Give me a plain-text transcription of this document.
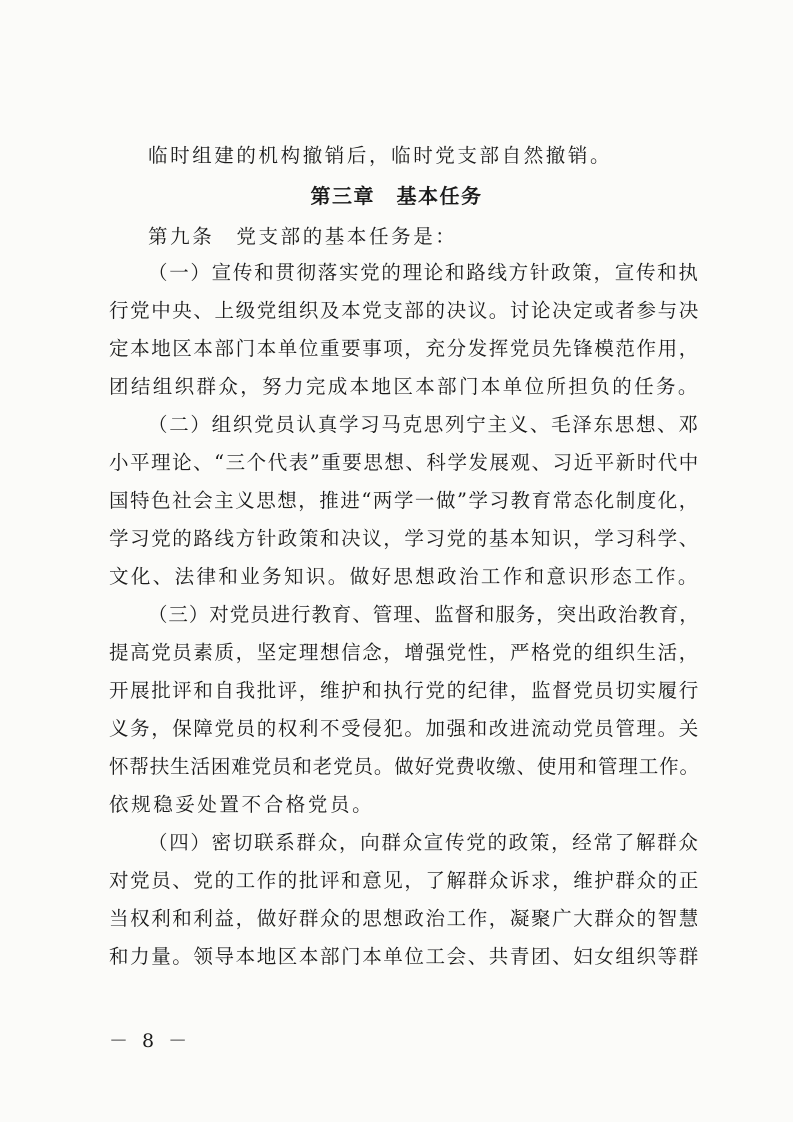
临时组建的机构撤销后，临时党支部自然撤销。
第三章　基本任务
第九条　党支部的基本任务是：
（一）宣传和贯彻落实党的理论和路线方针政策，宣传和执
行党中央、上级党组织及本党支部的决议。讨论决定或者参与决
定本地区本部门本单位重要事项，充分发挥党员先锋模范作用，
团结组织群众，努力完成本地区本部门本单位所担负的任务。
（二）组织党员认真学习马克思列宁主义、毛泽东思想、邓
小平理论、“三个代表”重要思想、科学发展观、习近平新时代中
国特色社会主义思想，推进“两学一做”学习教育常态化制度化，
学习党的路线方针政策和决议，学习党的基本知识，学习科学、
文化、法律和业务知识。做好思想政治工作和意识形态工作。
（三）对党员进行教育、管理、监督和服务，突出政治教育，
提高党员素质，坚定理想信念，增强党性，严格党的组织生活，
开展批评和自我批评，维护和执行党的纪律，监督党员切实履行
义务，保障党员的权利不受侵犯。加强和改进流动党员管理。关
怀帮扶生活困难党员和老党员。做好党费收缴、使用和管理工作。
依规稳妥处置不合格党员。
（四）密切联系群众，向群众宣传党的政策，经常了解群众
对党员、党的工作的批评和意见，了解群众诉求，维护群众的正
当权利和利益，做好群众的思想政治工作，凝聚广大群众的智慧
和力量。领导本地区本部门本单位工会、共青团、妇女组织等群
－ 8 －
